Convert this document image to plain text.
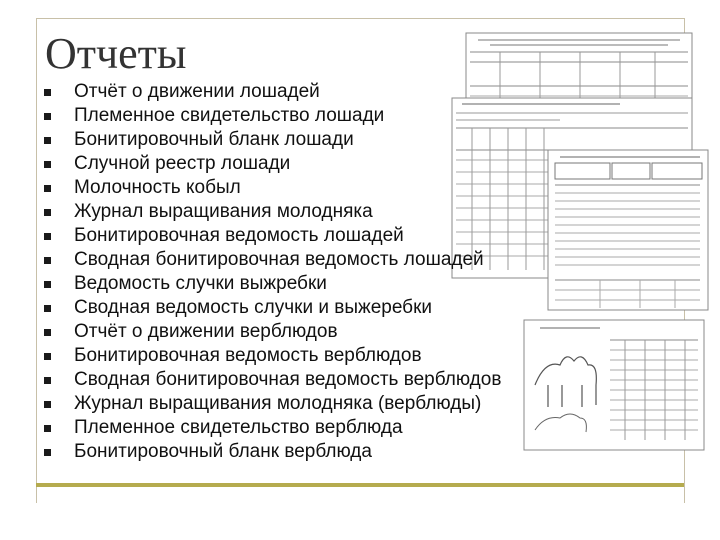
Отчеты
Отчёт о движении лошадей
Племенное свидетельство лошади
Бонитировочный бланк лошади
Случной реестр лошади
Молочность кобыл
Журнал выращивания молодняка
Бонитировочная ведомость лошадей
Сводная бонитировочная ведомость лошадей
Ведомость случки выжребки
Сводная ведомость случки и выжеребки
Отчёт о движении верблюдов
Бонитировочная ведомость верблюдов
Сводная бонитировочная ведомость верблюдов
Журнал выращивания молодняка (верблюды)
Племенное свидетельство верблюда
Бонитировочный бланк верблюда
